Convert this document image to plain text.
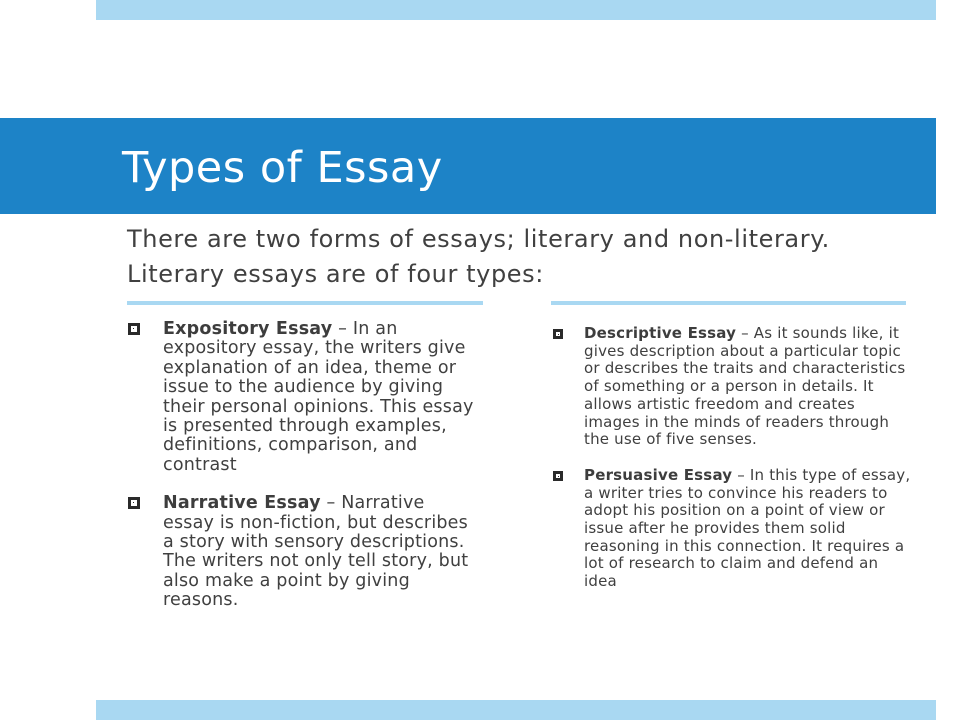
Types of Essay
There are two forms of essays; literary and non-literary. Literary essays are of four types:
Expository Essay – In an expository essay, the writers give explanation of an idea, theme or issue to the audience by giving their personal opinions. This essay is presented through examples, definitions, comparison, and contrast
Narrative Essay – Narrative essay is non-fiction, but describes a story with sensory descriptions. The writers not only tell story, but also make a point by giving reasons.
Descriptive Essay – As it sounds like, it gives description about a particular topic or describes the traits and characteristics of something or a person in details. It allows artistic freedom and creates images in the minds of readers through the use of five senses.
Persuasive Essay – In this type of essay, a writer tries to convince his readers to adopt his position on a point of view or issue after he provides them solid reasoning in this connection. It requires a lot of research to claim and defend an idea
